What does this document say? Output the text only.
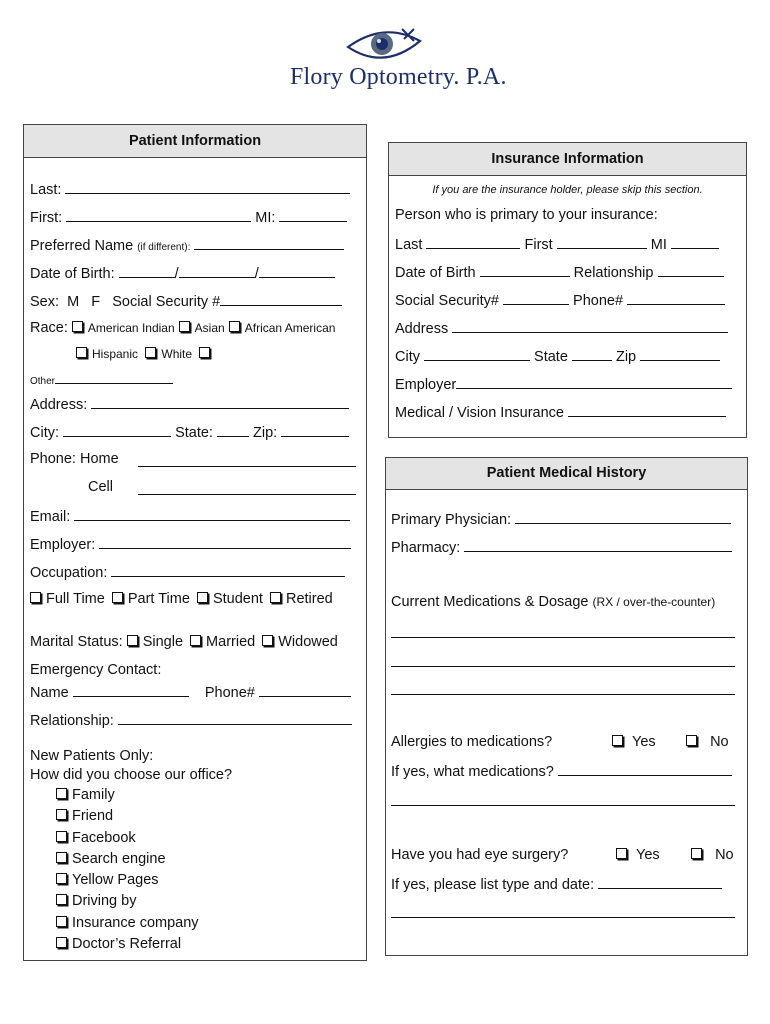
Flory Optometry. P.A.
Patient Information
Last:
First:	MI:
Preferred Name (if different):
Date of Birth:	/	/
Sex: M F Social Security #
Race: American Indian Asian African American
Hispanic White
Other
Address:
City:	State:	Zip:
Phone: Home
Cell
Email:
Employer:
Occupation:
Full Time Part Time Student Retired
Marital Status: Single Married Widowed
Emergency Contact:
Name	Phone#
Relationship:
New Patients Only:
How did you choose our office?
Family
Friend
Facebook
Search engine
Yellow Pages
Driving by
Insurance company
Doctor’s Referral
Insurance Information
If you are the insurance holder, please skip this section.
Person who is primary to your insurance:
Last	First	MI
Date of Birth	Relationship
Social Security#	Phone#
Address
City	State	Zip
Employer
Medical / Vision Insurance
Patient Medical History
Primary Physician:
Pharmacy:
Current Medications & Dosage (RX / over-the-counter)
Allergies to medications?	Yes	No
If yes, what medications?
Have you had eye surgery?	Yes	No
If yes, please list type and date:
